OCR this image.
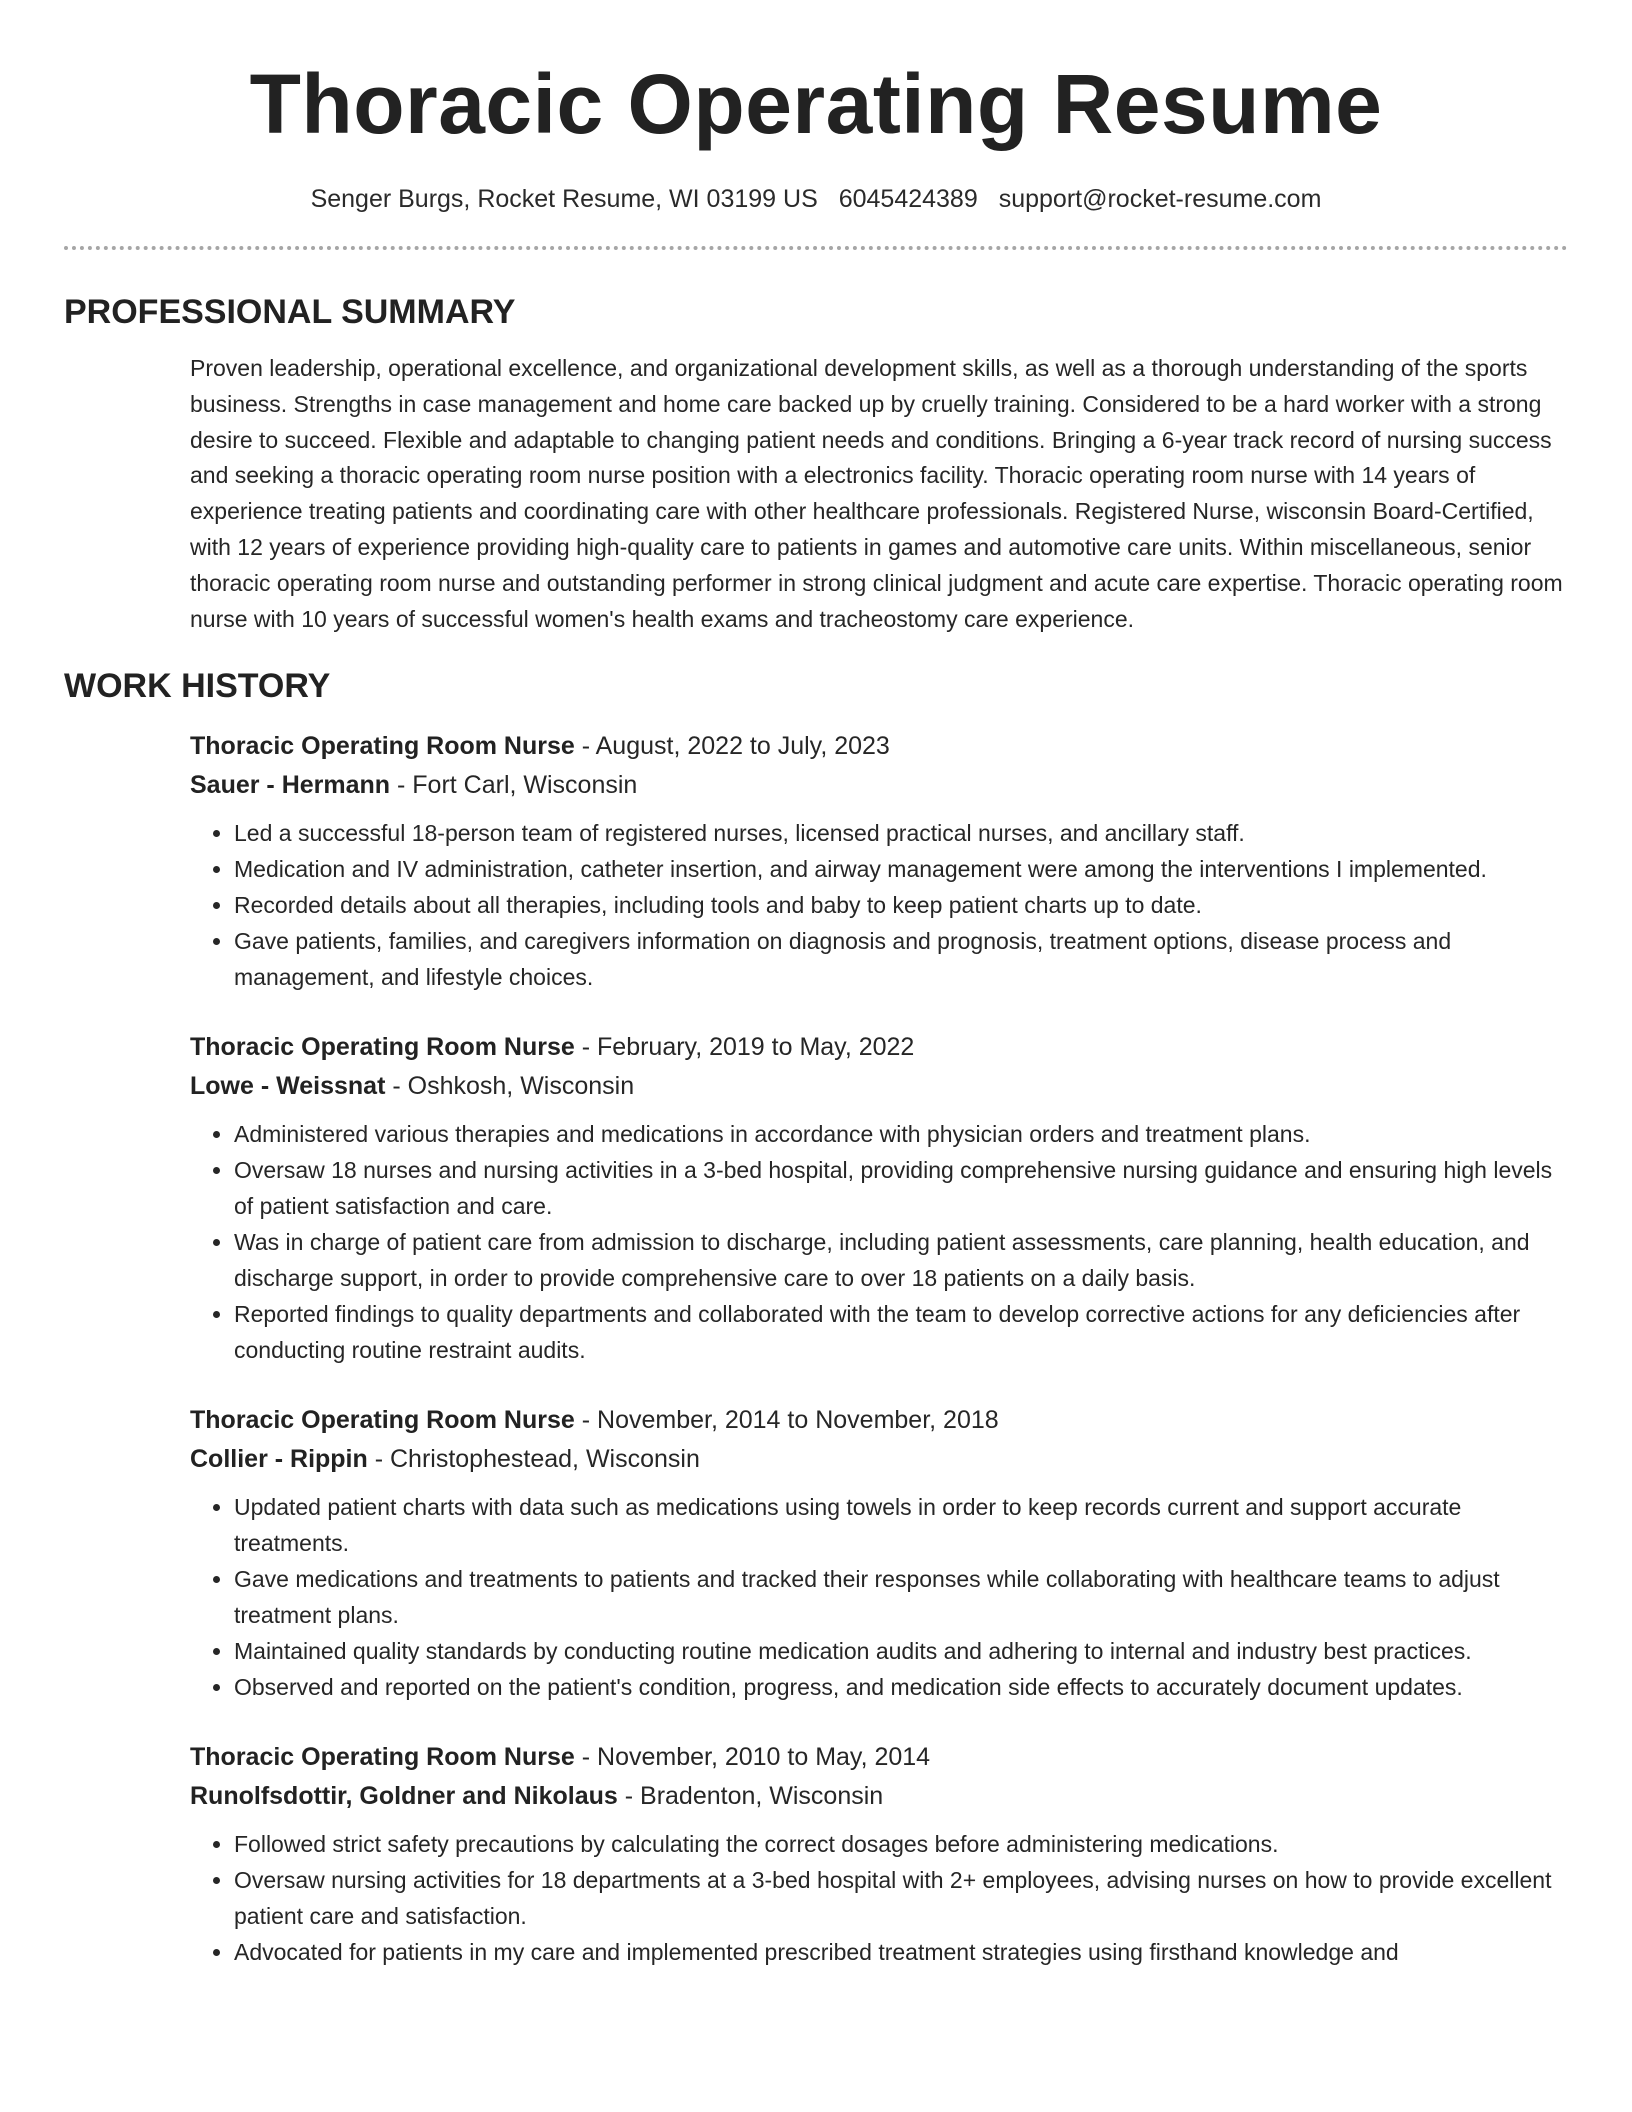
Thoracic Operating Resume
Senger Burgs, Rocket Resume, WI 03199 US 6045424389 support@rocket-resume.com
PROFESSIONAL SUMMARY

Proven leadership, operational excellence, and organizational development skills, as well as a thorough understanding of the sports business. Strengths in case management and home care backed up by cruelly training. Considered to be a hard worker with a strong desire to succeed. Flexible and adaptable to changing patient needs and conditions. Bringing a 6-year track record of nursing success and seeking a thoracic operating room nurse position with a electronics facility. Thoracic operating room nurse with 14 years of experience treating patients and coordinating care with other healthcare professionals. Registered Nurse, wisconsin Board-Certified, with 12 years of experience providing high-quality care to patients in games and automotive care units. Within miscellaneous, senior thoracic operating room nurse and outstanding performer in strong clinical judgment and acute care expertise. Thoracic operating room nurse with 10 years of successful women's health exams and tracheostomy care experience.

WORK HISTORY
Thoracic Operating Room Nurse - August, 2022 to July, 2023
Sauer - Hermann - Fort Carl, Wisconsin
• Led a successful 18-person team of registered nurses, licensed practical nurses, and ancillary staff.
• Medication and IV administration, catheter insertion, and airway management were among the interventions I implemented.
• Recorded details about all therapies, including tools and baby to keep patient charts up to date.
• Gave patients, families, and caregivers information on diagnosis and prognosis, treatment options, disease process and management, and lifestyle choices.
Thoracic Operating Room Nurse - February, 2019 to May, 2022
Lowe - Weissnat - Oshkosh, Wisconsin
• Administered various therapies and medications in accordance with physician orders and treatment plans.
• Oversaw 18 nurses and nursing activities in a 3-bed hospital, providing comprehensive nursing guidance and ensuring high levels of patient satisfaction and care.
• Was in charge of patient care from admission to discharge, including patient assessments, care planning, health education, and discharge support, in order to provide comprehensive care to over 18 patients on a daily basis.
• Reported findings to quality departments and collaborated with the team to develop corrective actions for any deficiencies after conducting routine restraint audits.
Thoracic Operating Room Nurse - November, 2014 to November, 2018
Collier - Rippin - Christophestead, Wisconsin
• Updated patient charts with data such as medications using towels in order to keep records current and support accurate treatments.
• Gave medications and treatments to patients and tracked their responses while collaborating with healthcare teams to adjust treatment plans.
• Maintained quality standards by conducting routine medication audits and adhering to internal and industry best practices.
• Observed and reported on the patient's condition, progress, and medication side effects to accurately document updates.
Thoracic Operating Room Nurse - November, 2010 to May, 2014
Runolfsdottir, Goldner and Nikolaus - Bradenton, Wisconsin
• Followed strict safety precautions by calculating the correct dosages before administering medications.
• Oversaw nursing activities for 18 departments at a 3-bed hospital with 2+ employees, advising nurses on how to provide excellent patient care and satisfaction.
• Advocated for patients in my care and implemented prescribed treatment strategies using firsthand knowledge and
